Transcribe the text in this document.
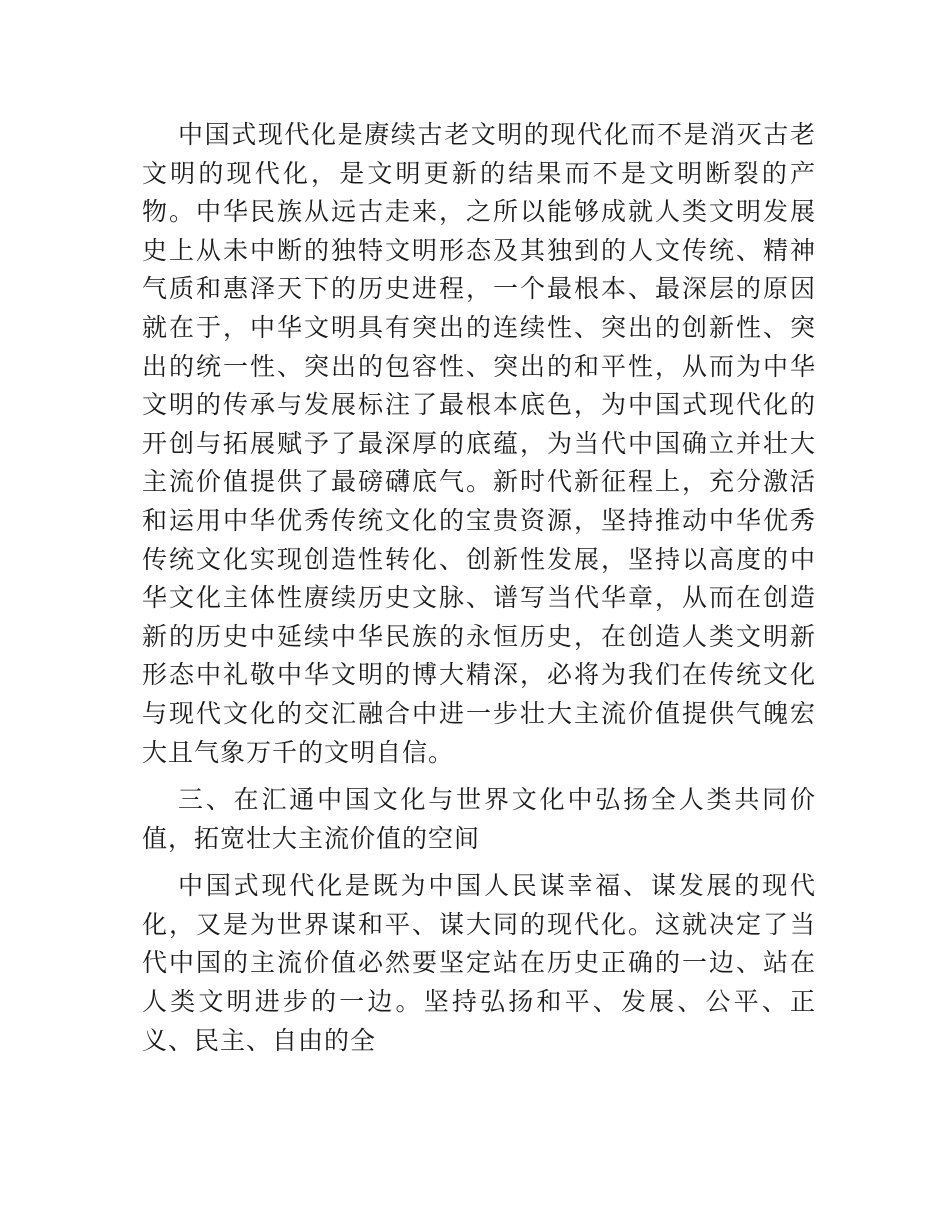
中国式现代化是赓续古老文明的现代化而不是消灭古老文明的现代化，是文明更新的结果而不是文明断裂的产物。中华民族从远古走来，之所以能够成就人类文明发展史上从未中断的独特文明形态及其独到的人文传统、精神气质和惠泽天下的历史进程，一个最根本、最深层的原因就在于，中华文明具有突出的连续性、突出的创新性、突出的统一性、突出的包容性、突出的和平性，从而为中华文明的传承与发展标注了最根本底色，为中国式现代化的开创与拓展赋予了最深厚的底蕴，为当代中国确立并壮大主流价值提供了最磅礴底气。新时代新征程上，充分激活和运用中华优秀传统文化的宝贵资源，坚持推动中华优秀传统文化实现创造性转化、创新性发展，坚持以高度的中华文化主体性赓续历史文脉、谱写当代华章，从而在创造新的历史中延续中华民族的永恒历史，在创造人类文明新形态中礼敬中华文明的博大精深，必将为我们在传统文化与现代文化的交汇融合中进一步壮大主流价值提供气魄宏大且气象万千的文明自信。

三、在汇通中国文化与世界文化中弘扬全人类共同价值，拓宽壮大主流价值的空间

中国式现代化是既为中国人民谋幸福、谋发展的现代化，又是为世界谋和平、谋大同的现代化。这就决定了当代中国的主流价值必然要坚定站在历史正确的一边、站在人类文明进步的一边。坚持弘扬和平、发展、公平、正义、民主、自由的全
